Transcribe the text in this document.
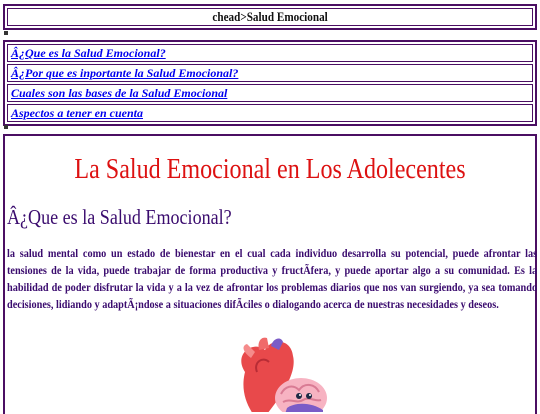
chead>Salud Emocional
Â¿Que es la Salud Emocional?
Â¿Por que es inportante la Salud Emocional?
Cuales son las bases de la Salud Emocional
Aspectos a tener en cuenta
La Salud Emocional en Los Adolecentes
Â¿Que es la Salud Emocional?
la salud mental como un estado de bienestar en el cual cada individuo desarrolla su potencial, puede afrontar las tensiones de la vida, puede trabajar de forma productiva y fructÃfera, y puede aportar algo a su comunidad. Es la habilidad de poder disfrutar la vida y a la vez de afrontar los problemas diarios que nos van surgiendo, ya sea tomando decisiones, lidiando y adaptÃ¡ndose a situaciones difÃciles o dialogando acerca de nuestras necesidades y deseos.
